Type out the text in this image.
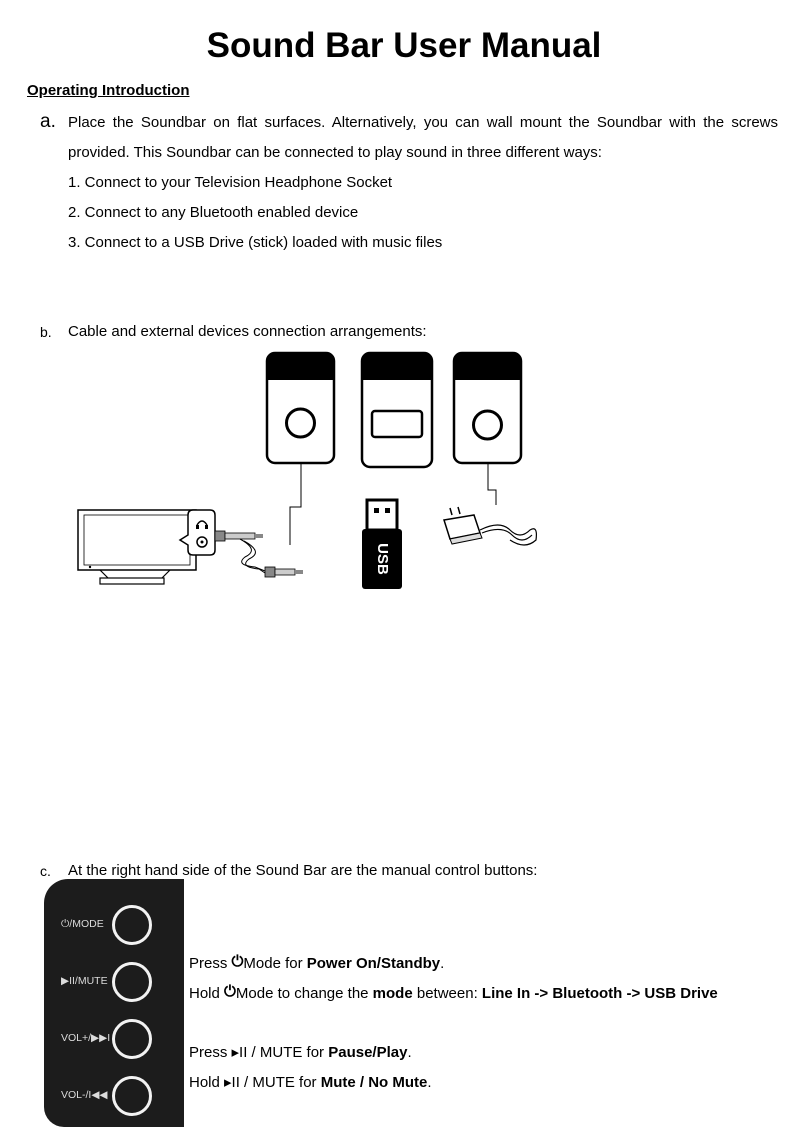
Sound Bar User Manual
Operating Introduction
a. Place the Soundbar on flat surfaces. Alternatively, you can wall mount the Soundbar with the screws
provided. This Soundbar can be connected to play sound in three different ways:
1. Connect to your Television Headphone Socket
2. Connect to any Bluetooth enabled device
3. Connect to a USB Drive (stick) loaded with music files
b. Cable and external devices connection arrangements:
USB
c. At the right hand side of the Sound Bar are the manual control buttons:
⏻/MODE
▶II/MUTE
VOL+/▶▶I
VOL-/I◀◀
Press ⏻Mode for Power On/Standby.
Hold ⏻Mode to change the mode between: Line In -> Bluetooth -> USB Drive
Press ▸II / MUTE for Pause/Play.
Hold ▸II / MUTE for Mute / No Mute.
